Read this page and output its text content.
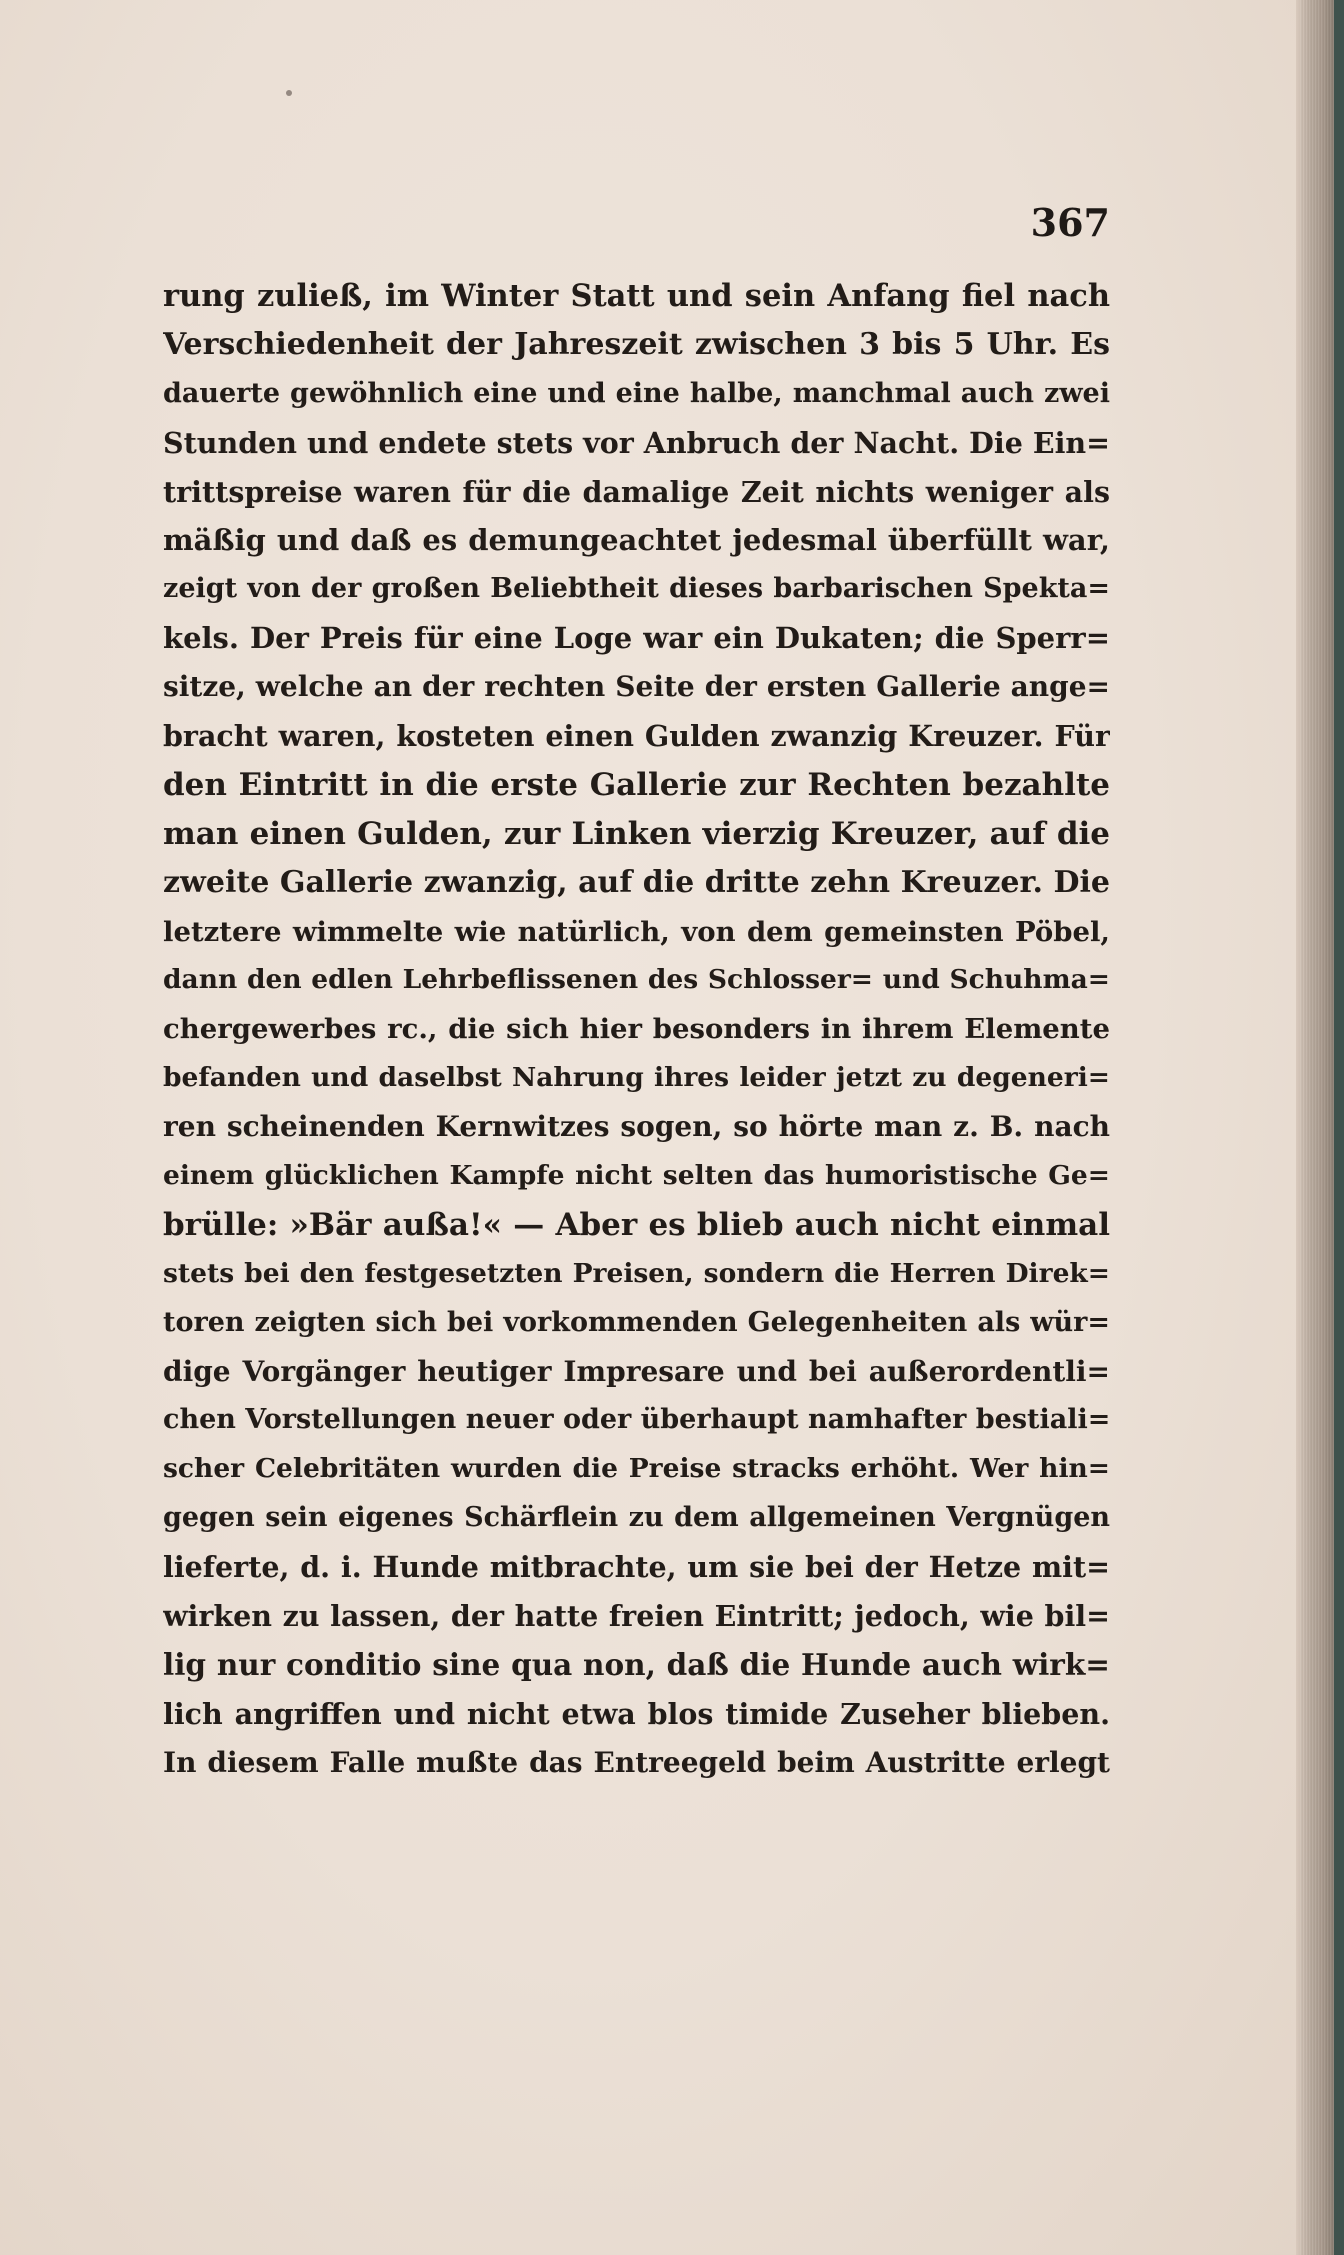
367
rung zuließ, im Winter Statt und sein Anfang fiel nach
Verschiedenheit der Jahreszeit zwischen 3 bis 5 Uhr. Es
dauerte gewöhnlich eine und eine halbe, manchmal auch zwei
Stunden und endete stets vor Anbruch der Nacht. Die Ein=
trittspreise waren für die damalige Zeit nichts weniger als
mäßig und daß es demungeachtet jedesmal überfüllt war,
zeigt von der großen Beliebtheit dieses barbarischen Spekta=
kels. Der Preis für eine Loge war ein Dukaten; die Sperr=
sitze, welche an der rechten Seite der ersten Gallerie ange=
bracht waren, kosteten einen Gulden zwanzig Kreuzer. Für
den Eintritt in die erste Gallerie zur Rechten bezahlte
man einen Gulden, zur Linken vierzig Kreuzer, auf die
zweite Gallerie zwanzig, auf die dritte zehn Kreuzer. Die
letztere wimmelte wie natürlich, von dem gemeinsten Pöbel,
dann den edlen Lehrbeflissenen des Schlosser= und Schuhma=
chergewerbes rc., die sich hier besonders in ihrem Elemente
befanden und daselbst Nahrung ihres leider jetzt zu degeneri=
ren scheinenden Kernwitzes sogen, so hörte man z. B. nach
einem glücklichen Kampfe nicht selten das humoristische Ge=
brülle: »Bär außa!« — Aber es blieb auch nicht einmal
stets bei den festgesetzten Preisen, sondern die Herren Direk=
toren zeigten sich bei vorkommenden Gelegenheiten als wür=
dige Vorgänger heutiger Impresare und bei außerordentli=
chen Vorstellungen neuer oder überhaupt namhafter bestiali=
scher Celebritäten wurden die Preise stracks erhöht. Wer hin=
gegen sein eigenes Schärflein zu dem allgemeinen Vergnügen
lieferte, d. i. Hunde mitbrachte, um sie bei der Hetze mit=
wirken zu lassen, der hatte freien Eintritt; jedoch, wie bil=
lig nur conditio sine qua non, daß die Hunde auch wirk=
lich angriffen und nicht etwa blos timide Zuseher blieben.
In diesem Falle mußte das Entreegeld beim Austritte erlegt
